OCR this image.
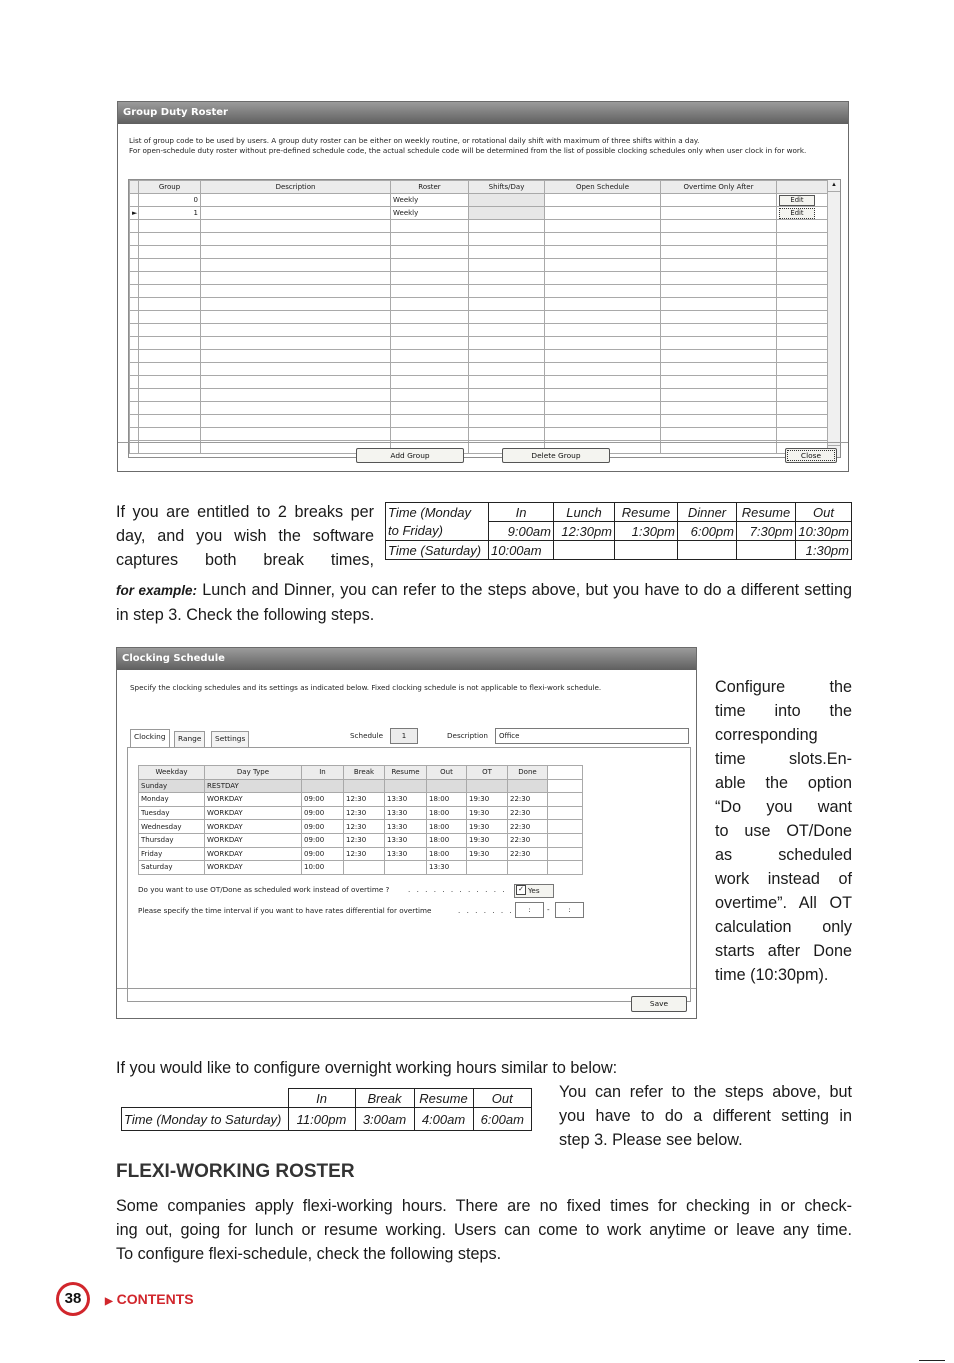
Group Duty Roster
List of group code to be used by users. A group duty roster can be either on weekly routine, or rotational daily shift with maximum of three shifts within a day.
For open-schedule duty roster without pre-defined schedule code, the actual schedule code will be determined from the list of possible clocking schedules only when user clock in for work.
	Group	Description	Roster	Shifts/Day	Open Schedule	Overtime Only After	
	0		Weekly				Edit

►	1		Weekly				Edit

▲
Add Group	Delete Group	Close
If you are entitled to 2 breaks per day, and you wish the software captures both break times,
Time (Monday	In	Lunch	Resume	Dinner	Resume	Out
to Friday)	9:00am	12:30pm	1:30pm	6:00pm	7:30pm	10:30pm
Time (Saturday)	10:00am					1:30pm
for example: Lunch and Dinner, you can refer to the steps above, but you have to do a different setting in step 3. Check the following steps.
Clocking Schedule
Specify the clocking schedules and its settings as indicated below. Fixed clocking schedule is not applicable to flexi-work schedule.
Clocking	Range	Settings	Schedule	1	Description	Office
Weekday	Day Type	In	Break	Resume	Out	OT	Done	
Sunday	RESTDAY							
Monday	WORKDAY	09:00	12:30	13:30	18:00	19:30	22:30	
Tuesday	WORKDAY	09:00	12:30	13:30	18:00	19:30	22:30	
Wednesday	WORKDAY	09:00	12:30	13:30	18:00	19:30	22:30	
Thursday	WORKDAY	09:00	12:30	13:30	18:00	19:30	22:30	
Friday	WORKDAY	09:00	12:30	13:30	18:00	19:30	22:30	
Saturday	WORKDAY	10:00			13:30			
Do you want to use OT/Done as scheduled work instead of overtime ?	. . . . . . . . . . . . ✓ Yes
Please specify the time interval if you want to have rates differential for overtime	. . . . . . .	:	-	:
Save
Configure the
time into the
corresponding
time slots.En-
able the option
“Do you want
to use OT/Done
as scheduled
work instead of
overtime”. All OT
calculation only
starts after Done
time (10:30pm).
If you would like to configure overnight working hours similar to below:
	In	Break	Resume	Out
Time (Monday to Saturday)	11:00pm	3:00am	4:00am	6:00am
You can refer to the steps above, but
you have to do a different setting in
step 3. Please see below.
FLEXI-WORKING ROSTER
Some companies apply flexi-working hours. There are no fixed times for checking in or check-
ing out, going for lunch or resume working. Users can come to work anytime or leave any time.
To configure flexi-schedule, check the following steps.
38	▶ CONTENTS
